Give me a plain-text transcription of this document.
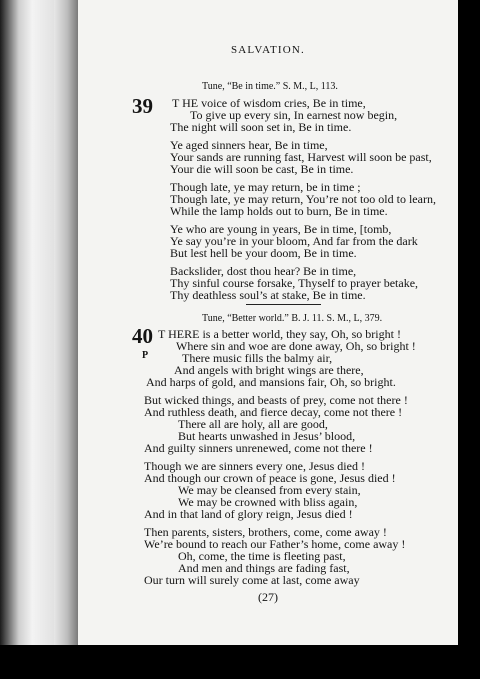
SALVATION.
Tune, “Be in time.” S. M., L, 113.
39 T HE voice of wisdom cries, Be in time,
To give up every sin, In earnest now begin,
The night will soon set in, Be in time.
Ye aged sinners hear, Be in time,
Your sands are running fast, Harvest will soon be past,
Your die will soon be cast, Be in time.
Though late, ye may return, be in time ;
Though late, ye may return, You’re not too old to learn,
While the lamp holds out to burn, Be in time.
Ye who are young in years, Be in time, [tomb,
Ye say you’re in your bloom, And far from the dark
But lest hell be your doom, Be in time.
Backslider, dost thou hear? Be in time,
Thy sinful course forsake, Thyself to prayer betake,
Thy deathless soul’s at stake, Be in time.
Tune, “Better world.” B. J. 11. S. M., L, 379.
40
P
T HERE is a better world, they say, Oh, so bright !
Where sin and woe are done away, Oh, so bright !
There music fills the balmy air,
And angels with bright wings are there,
And harps of gold, and mansions fair, Oh, so bright.
But wicked things, and beasts of prey, come not there !
And ruthless death, and fierce decay, come not there !
There all are holy, all are good,
But hearts unwashed in Jesus’ blood,
And guilty sinners unrenewed, come not there !
Though we are sinners every one, Jesus died !
And though our crown of peace is gone, Jesus died !
We may be cleansed from every stain,
We may be crowned with bliss again,
And in that land of glory reign, Jesus died !
Then parents, sisters, brothers, come, come away !
We’re bound to reach our Father’s home, come away !
Oh, come, the time is fleeting past,
And men and things are fading fast,
Our turn will surely come at last, come away
(27)
